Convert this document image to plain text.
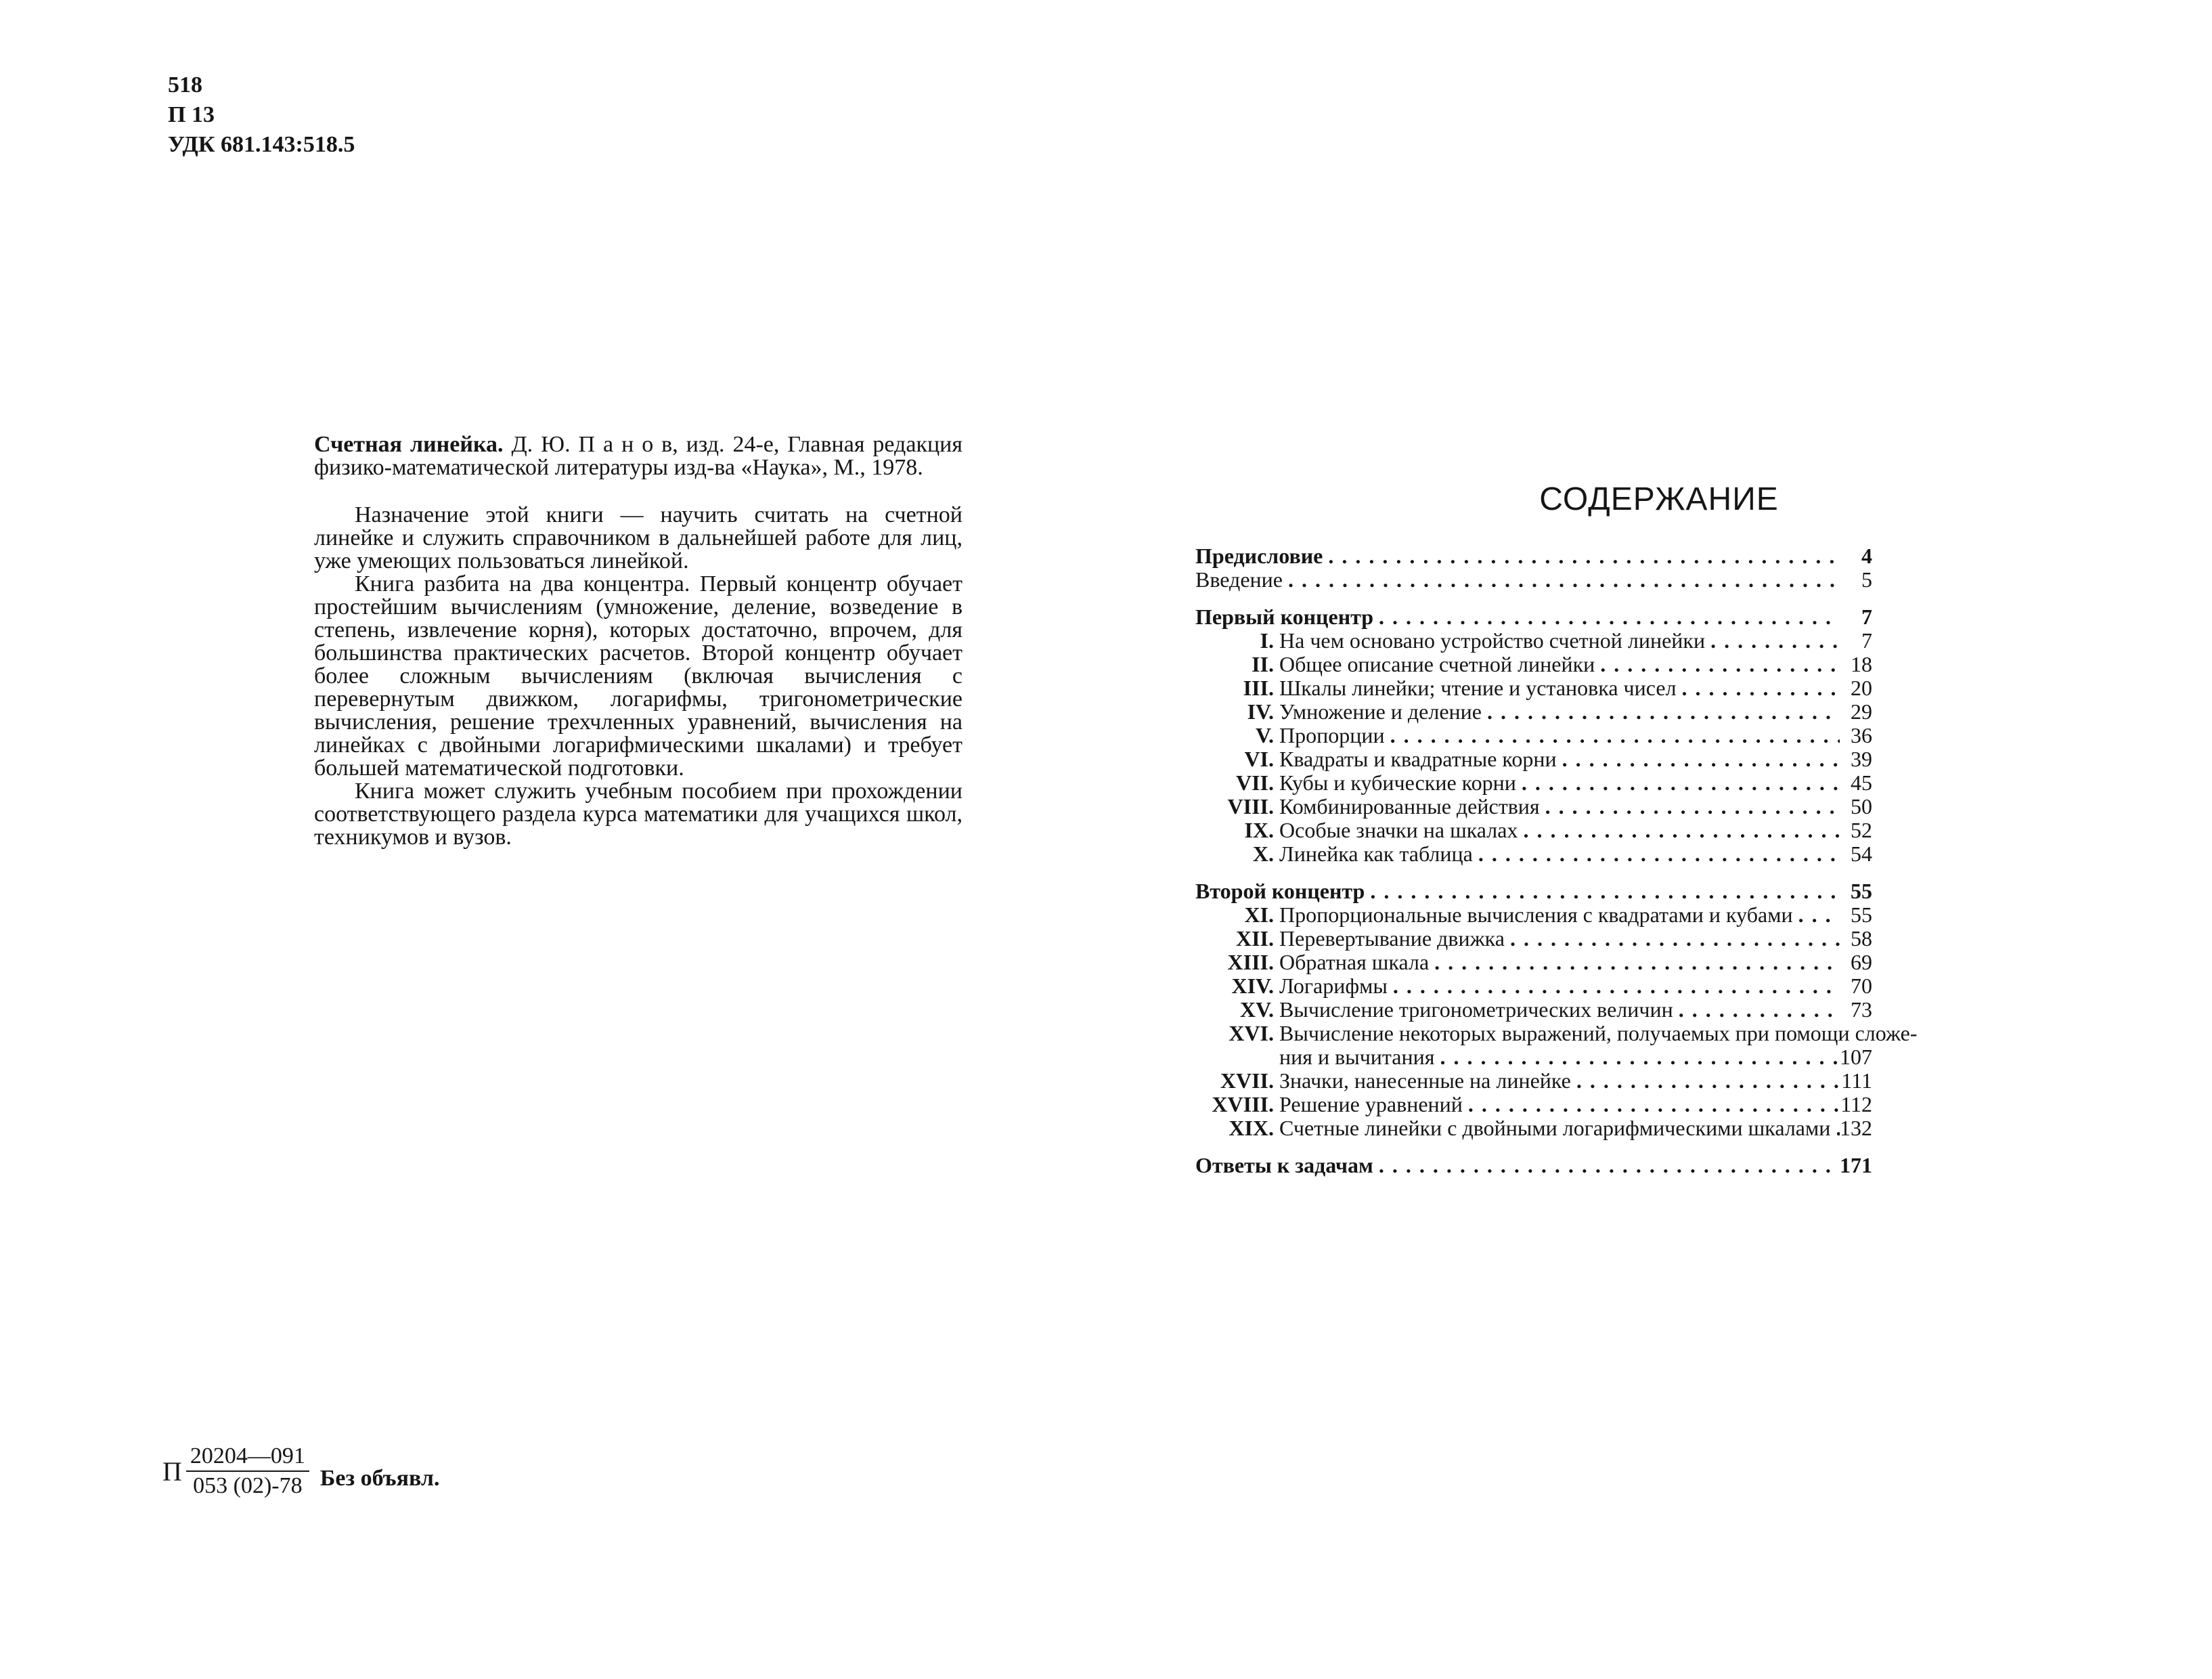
518
П 13
УДК 681.143:518.5

Счетная линейка. Д. Ю. П а н о в, изд. 24-е, Главная редакция физико-математической литературы изд-ва «Наука», М., 1978.

Назначение этой книги — научить считать на счетной линейке и служить справочником в дальнейшей работе для лиц, уже умеющих пользоваться линейкой.

Книга разбита на два концентра. Первый концентр обучает простейшим вычислениям (умножение, деление, возведение в степень, извлечение корня), которых достаточно, впрочем, для большинства практических расчетов. Второй концентр обучает более сложным вычислениям (включая вычисления с перевернутым движком, логарифмы, тригонометрические вычисления, решение трехчленных уравнений, вычисления на линейках с двойными логарифмическими шкалами) и требует большей математической подготовки.

Книга может служить учебным пособием при прохождении соответствующего раздела курса математики для учащихся школ, техникумов и вузов.

П $\frac{20204—091}{053 (02)-78}$ Без объявл.
СОДЕРЖАНИЕ
Предисловие . . .	4
Введение . . .	5
Первый концентр . . .	7
I. На чем основано устройство счетной линейки . . .	7
II. Общее описание счетной линейки . . .	18
III. Шкалы линейки; чтение и установка чисел . . .	20
IV. Умножение и деление . . .	29
V. Пропорции . . .	36
VI. Квадраты и квадратные корни . . .	39
VII. Кубы и кубические корни . . .	45
VIII. Комбинированные действия . . .	50
IX. Особые значки на шкалах . . .	52
X. Линейка как таблица . . .	54
Второй концентр . . .	55
XI. Пропорциональные вычисления с квадратами и кубами . . .	55
XII. Перевертывание движка . . .	58
XIII. Обратная шкала . . .	69
XIV. Логарифмы . . .	70
XV. Вычисление тригонометрических величин . . .	73
XVI. Вычисление некоторых выражений, получаемых при помощи сложе-
ния и вычитания . . .	107
XVII. Значки, нанесенные на линейке . . .	111
XVIII. Решение уравнений . . .	112
XIX. Счетные линейки с двойными логарифмическими шкалами . . . 132
Ответы к задачам . . .	171
